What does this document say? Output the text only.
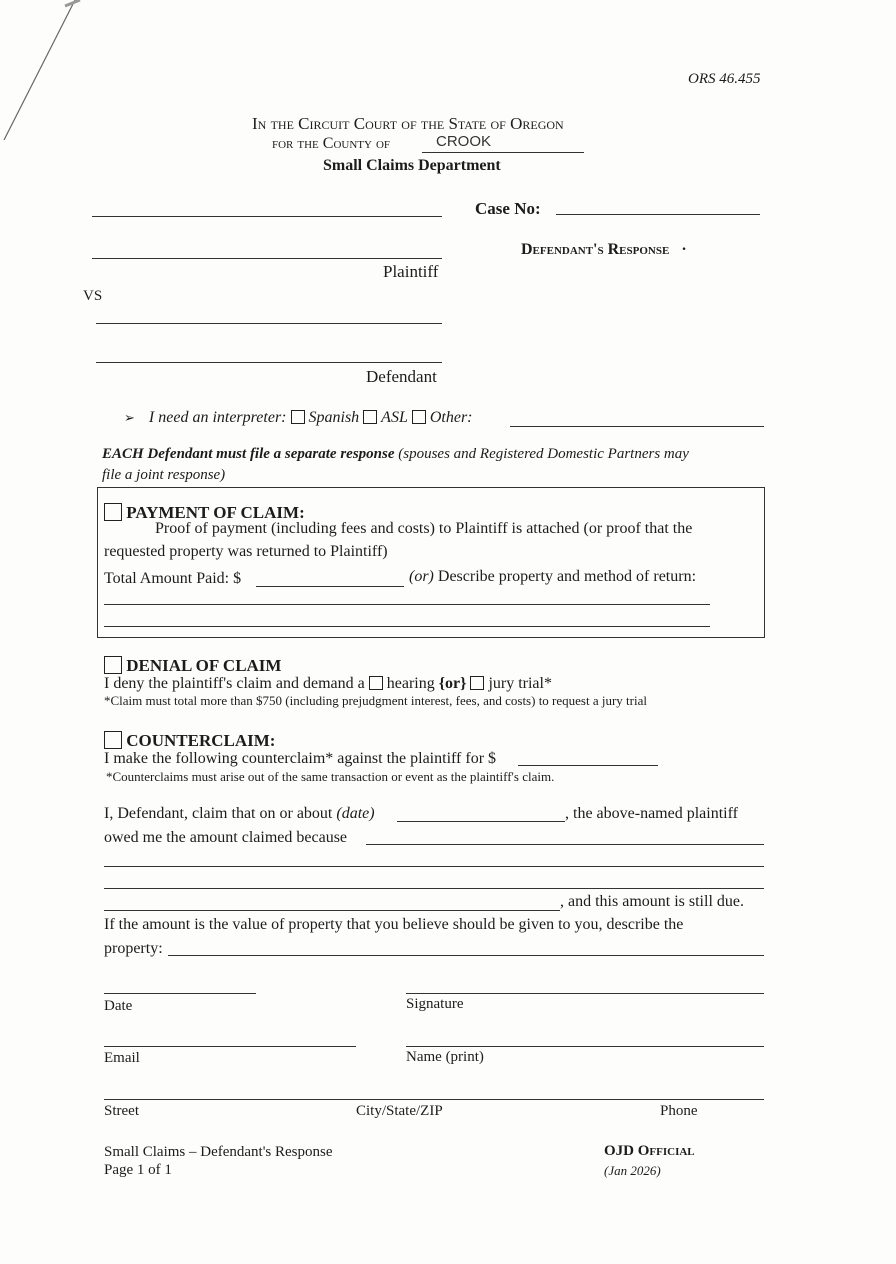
ORS 46.455
In the Circuit Court of the State of Oregon
for the County of	CROOK
Small Claims Department
Case No:
Defendant's Response ·
Plaintiff
VS
Defendant
➢ I need an interpreter: Spanish ASL Other:
EACH Defendant must file a separate response (spouses and Registered Domestic Partners may
file a joint response)
PAYMENT OF CLAIM:
Proof of payment (including fees and costs) to Plaintiff is attached (or proof that the
requested property was returned to Plaintiff)
Total Amount Paid: $	(or) Describe property and method of return:
DENIAL OF CLAIM
I deny the plaintiff's claim and demand a hearing {or} jury trial*
*Claim must total more than $750 (including prejudgment interest, fees, and costs) to request a jury trial
COUNTERCLAIM:
I make the following counterclaim* against the plaintiff for $
*Counterclaims must arise out of the same transaction or event as the plaintiff's claim.
I, Defendant, claim that on or about (date)	, the above-named plaintiff
owed me the amount claimed because
, and this amount is still due.
If the amount is the value of property that you believe should be given to you, describe the
property:
Date	Signature
Email	Name (print)
Street	City/State/ZIP	Phone
Small Claims – Defendant's Response
Page 1 of 1
OJD Official
(Jan 2026)
